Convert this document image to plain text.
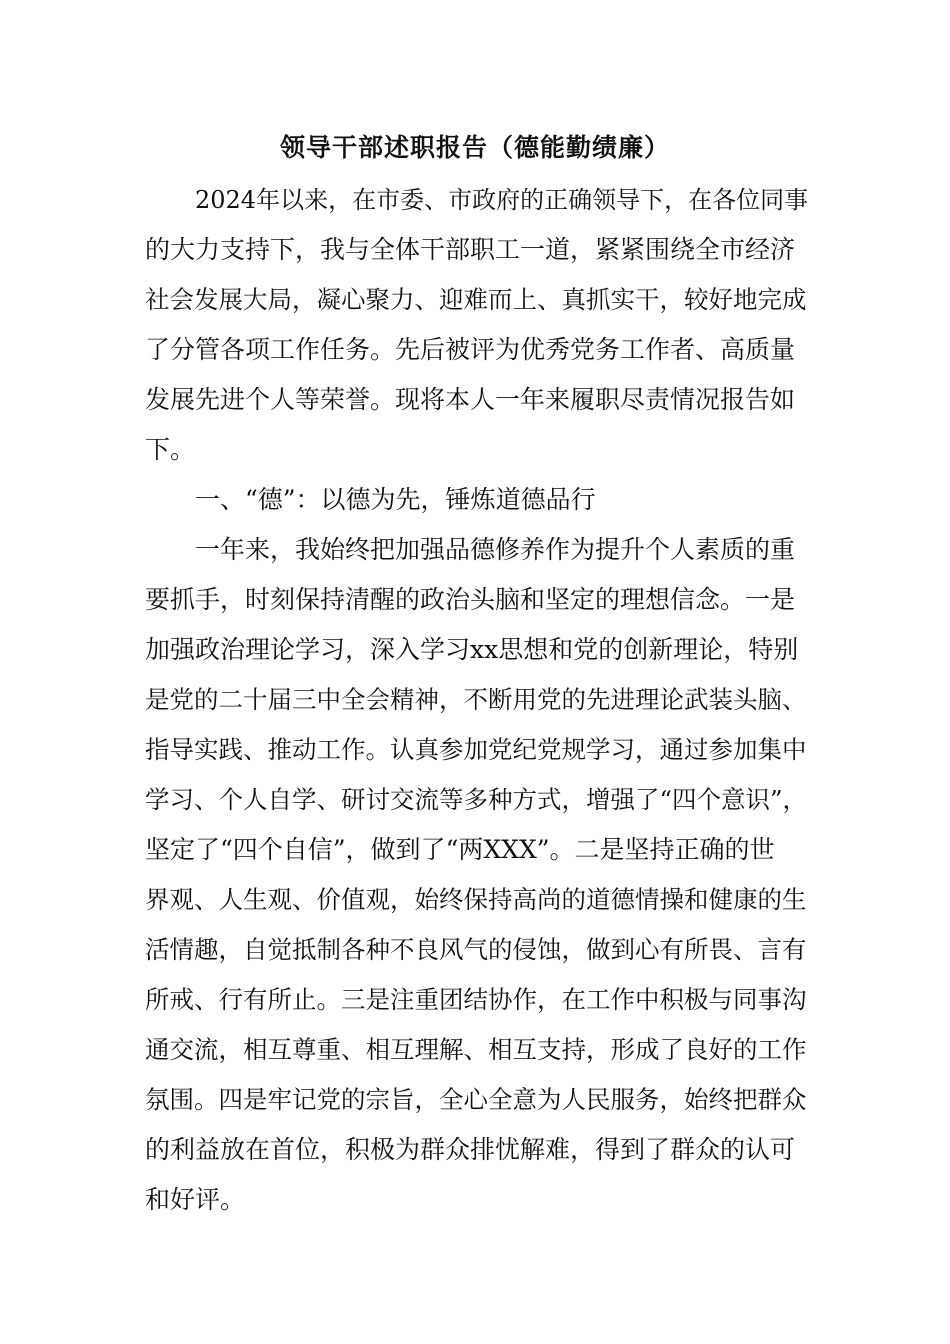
领导干部述职报告（德能勤绩廉）
2024年以来，在市委、市政府的正确领导下，在各位同事
的大力支持下，我与全体干部职工一道，紧紧围绕全市经济
社会发展大局，凝心聚力、迎难而上、真抓实干，较好地完成
了分管各项工作任务。先后被评为优秀党务工作者、高质量
发展先进个人等荣誉。现将本人一年来履职尽责情况报告如
下。
一、“德”：以德为先，锤炼道德品行
一年来，我始终把加强品德修养作为提升个人素质的重
要抓手，时刻保持清醒的政治头脑和坚定的理想信念。一是
加强政治理论学习，深入学习xx思想和党的创新理论，特别
是党的二十届三中全会精神，不断用党的先进理论武装头脑、
指导实践、推动工作。认真参加党纪党规学习，通过参加集中
学习、个人自学、研讨交流等多种方式，增强了“四个意识”，
坚定了“四个自信”，做到了“两XXX”。二是坚持正确的世
界观、人生观、价值观，始终保持高尚的道德情操和健康的生
活情趣，自觉抵制各种不良风气的侵蚀，做到心有所畏、言有
所戒、行有所止。三是注重团结协作，在工作中积极与同事沟
通交流，相互尊重、相互理解、相互支持，形成了良好的工作
氛围。四是牢记党的宗旨，全心全意为人民服务，始终把群众
的利益放在首位，积极为群众排忧解难，得到了群众的认可
和好评。
